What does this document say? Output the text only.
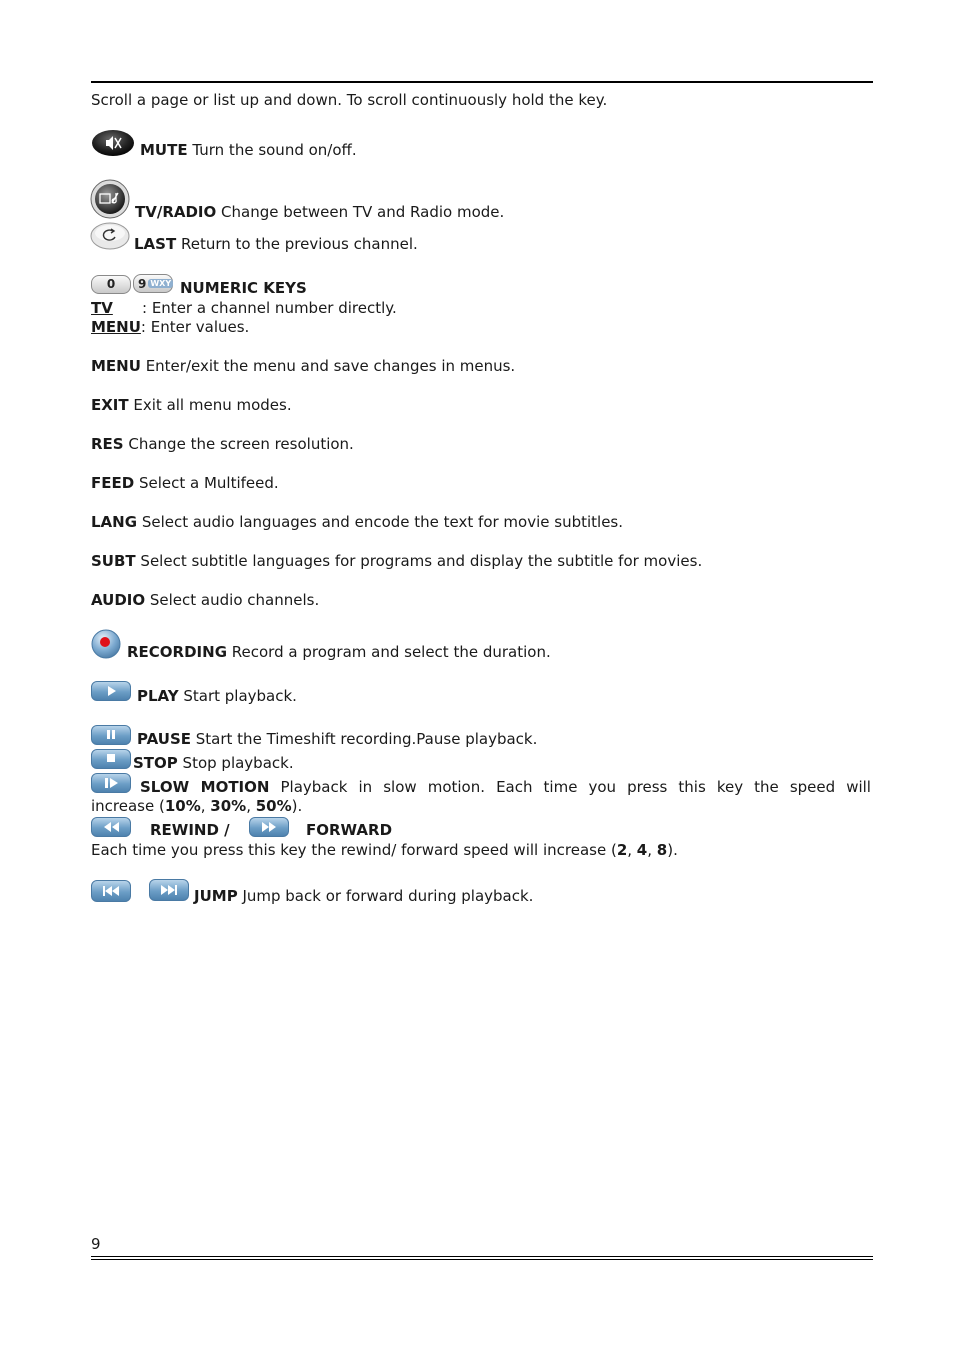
Scroll a page or list up and down. To scroll continuously hold the key.
MUTE Turn the sound on/off.
TV/RADIO Change between TV and Radio mode.
LAST Return to the previous channel.
0	9 WXY NUMERIC KEYS
TV : Enter a channel number directly.
MENU: Enter values.
MENU Enter/exit the menu and save changes in menus.
EXIT Exit all menu modes.
RES Change the screen resolution.
FEED Select a Multifeed.
LANG Select audio languages and encode the text for movie subtitles.
SUBT Select subtitle languages for programs and display the subtitle for movies.
AUDIO Select audio channels.
RECORDING Record a program and select the duration.
PLAY Start playback.
PAUSE Start the Timeshift recording.Pause playback.
STOP Stop playback.
SLOW MOTION Playback in slow motion. Each time you press this key the speed will
increase (10%, 30%, 50%).
REWIND /	FORWARD
Each time you press this key the rewind/ forward speed will increase (2, 4, 8).
JUMP Jump back or forward during playback.
9
